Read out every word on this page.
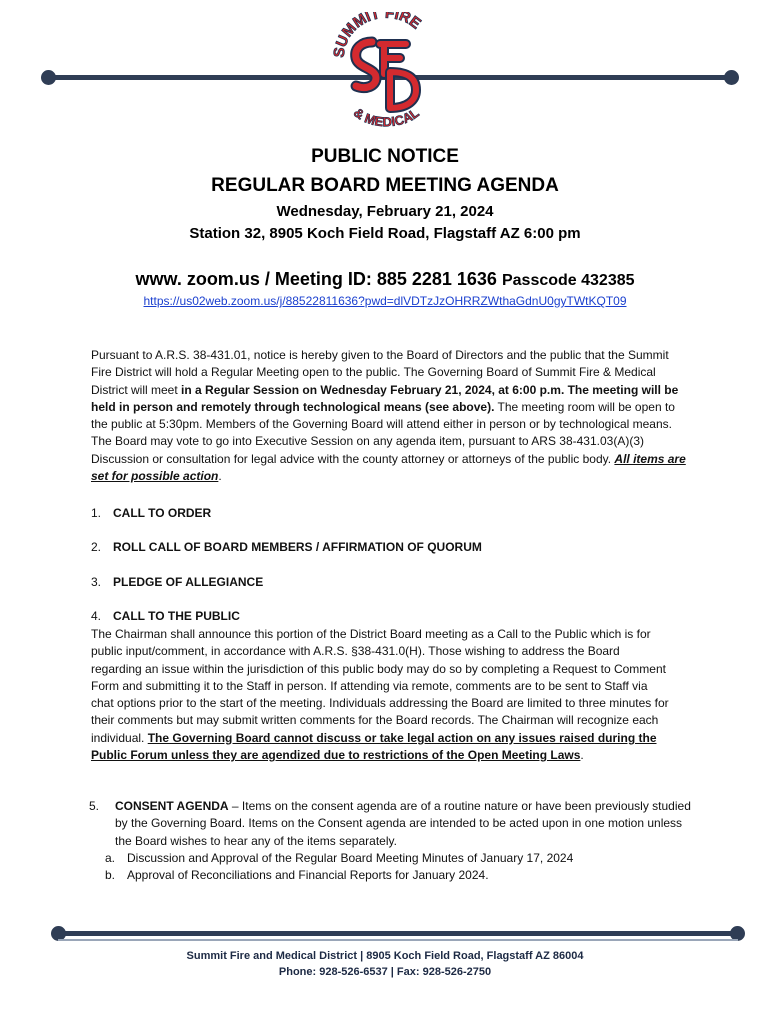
SUMMIT FIRE
& MEDICAL
PUBLIC NOTICE
REGULAR BOARD MEETING AGENDA
Wednesday, February 21, 2024
Station 32, 8905 Koch Field Road, Flagstaff AZ 6:00 pm
www. zoom.us / Meeting ID: 885 2281 1636 Passcode 432385
https://us02web.zoom.us/j/88522811636?pwd=dlVDTzJzOHRRZWthaGdnU0gyTWtKQT09
Pursuant to A.R.S. 38-431.01, notice is hereby given to the Board of Directors and the public that the Summit Fire District will hold a Regular Meeting open to the public. The Governing Board of Summit Fire & Medical District will meet in a Regular Session on Wednesday February 21, 2024, at 6:00 p.m. The meeting will be held in person and remotely through technological means (see above). The meeting room will be open to the public at 5:30pm. Members of the Governing Board will attend either in person or by technological means. The Board may vote to go into Executive Session on any agenda item, pursuant to ARS 38-431.03(A)(3) Discussion or consultation for legal advice with the county attorney or attorneys of the public body. All items are set for possible action.
1. CALL TO ORDER
2. ROLL CALL OF BOARD MEMBERS / AFFIRMATION OF QUORUM
3. PLEDGE OF ALLEGIANCE
4. CALL TO THE PUBLIC
The Chairman shall announce this portion of the District Board meeting as a Call to the Public which is for public input/comment, in accordance with A.R.S. §38-431.0(H). Those wishing to address the Board regarding an issue within the jurisdiction of this public body may do so by completing a Request to Comment Form and submitting it to the Staff in person. If attending via remote, comments are to be sent to Staff via chat options prior to the start of the meeting. Individuals addressing the Board are limited to three minutes for their comments but may submit written comments for the Board records. The Chairman will recognize each individual. The Governing Board cannot discuss or take legal action on any issues raised during the Public Forum unless they are agendized due to restrictions of the Open Meeting Laws.
5. CONSENT AGENDA – Items on the consent agenda are of a routine nature or have been previously studied by the Governing Board. Items on the Consent agenda are intended to be acted upon in one motion unless the Board wishes to hear any of the items separately.
a. Discussion and Approval of the Regular Board Meeting Minutes of January 17, 2024
b. Approval of Reconciliations and Financial Reports for January 2024.
Summit Fire and Medical District | 8905 Koch Field Road, Flagstaff AZ 86004
Phone: 928-526-6537 | Fax: 928-526-2750
